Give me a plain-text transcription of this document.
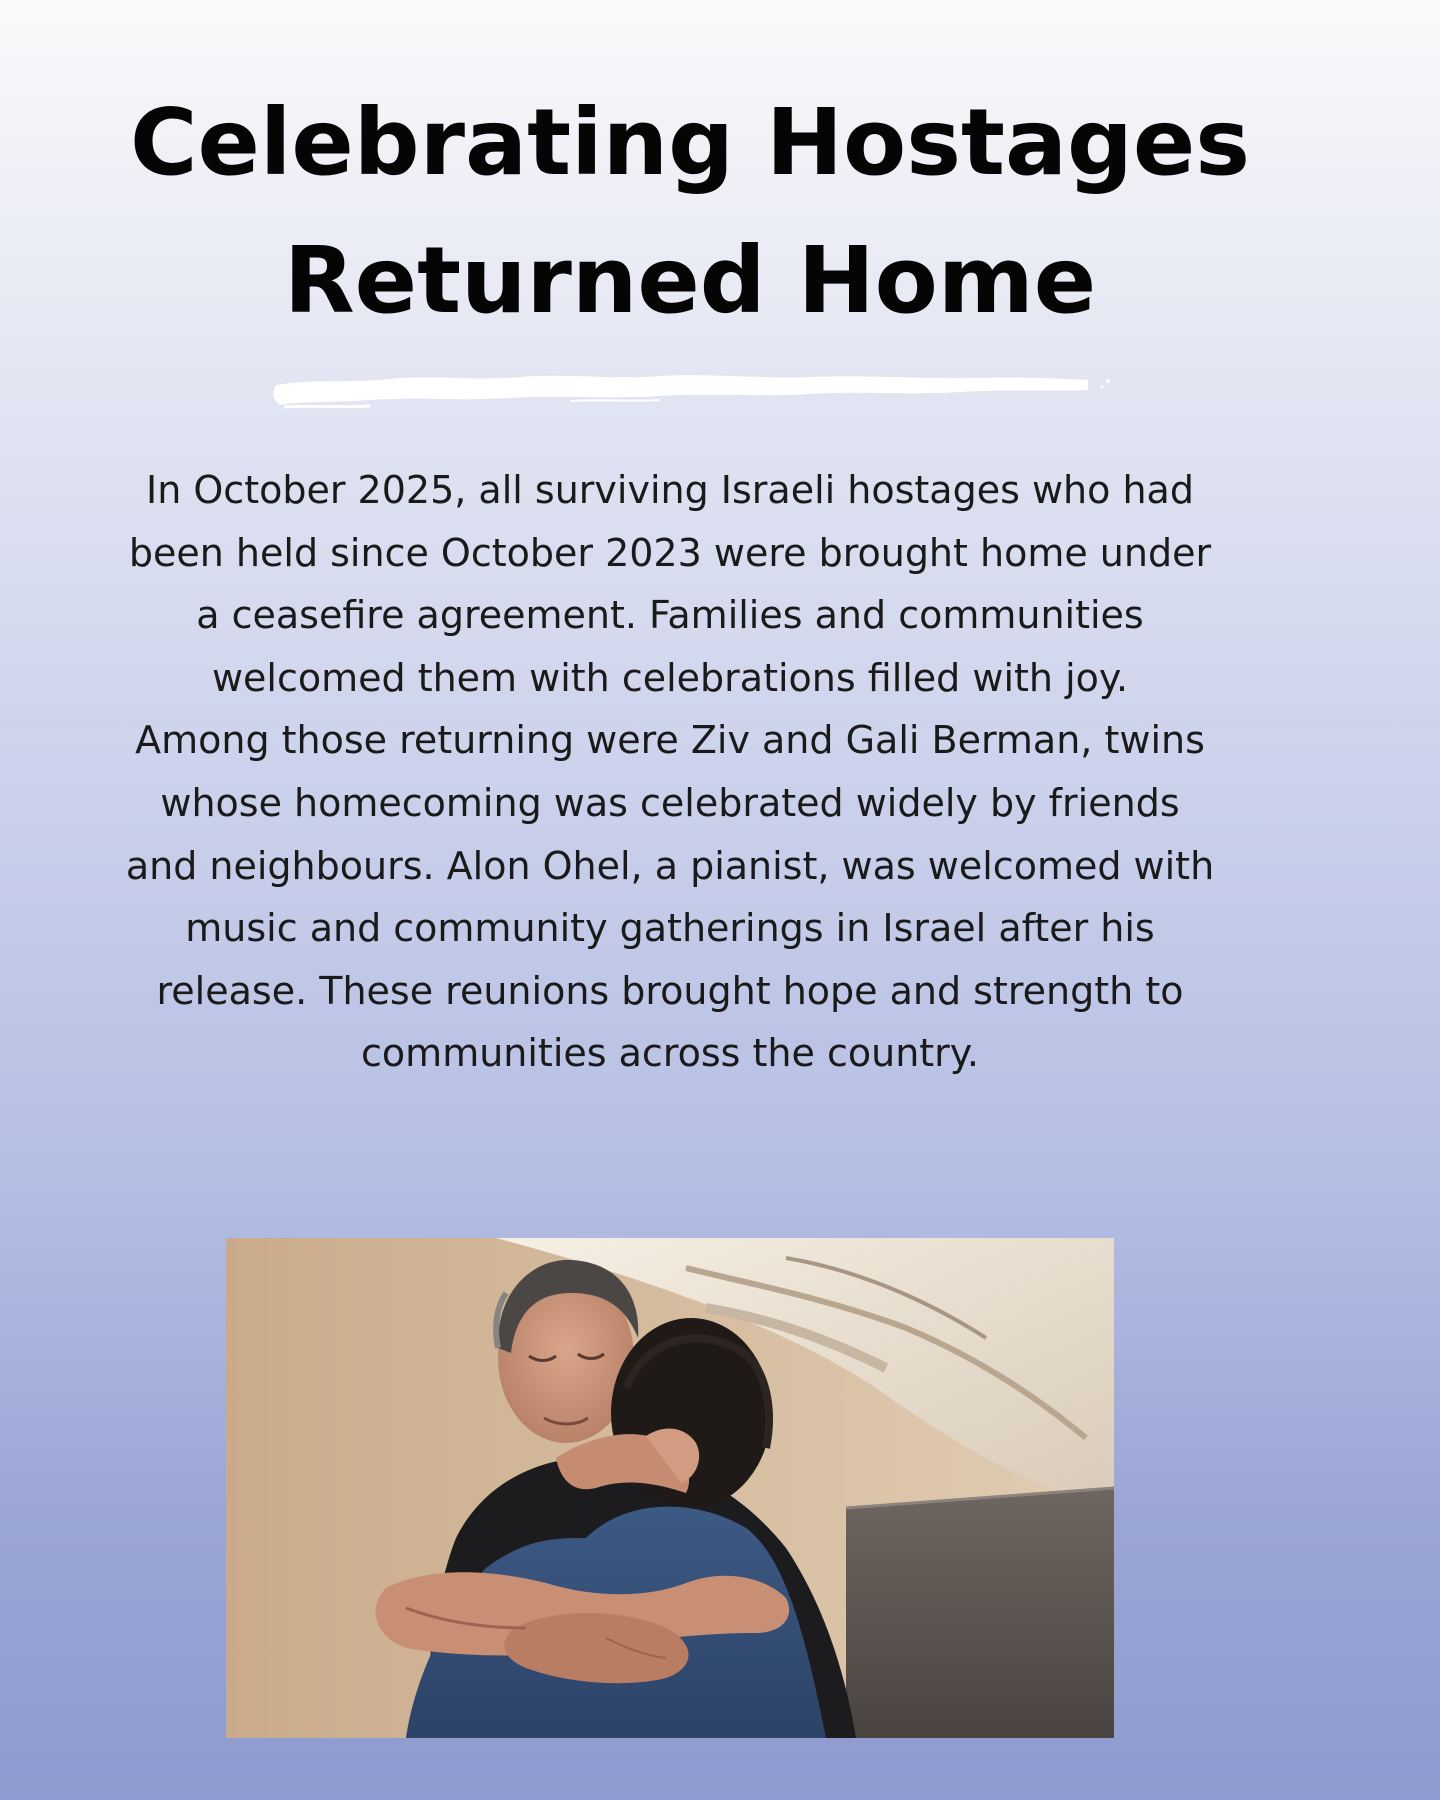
Celebrating Hostages
Returned Home

In October 2025, all surviving Israeli hostages who had been held since October 2023 were brought home under a ceasefire agreement. Families and communities welcomed them with celebrations filled with joy.

Among those returning were Ziv and Gali Berman, twins whose homecoming was celebrated widely by friends and neighbours. Alon Ohel, a pianist, was welcomed with music and community gatherings in Israel after his release. These reunions brought hope and strength to communities across the country.
